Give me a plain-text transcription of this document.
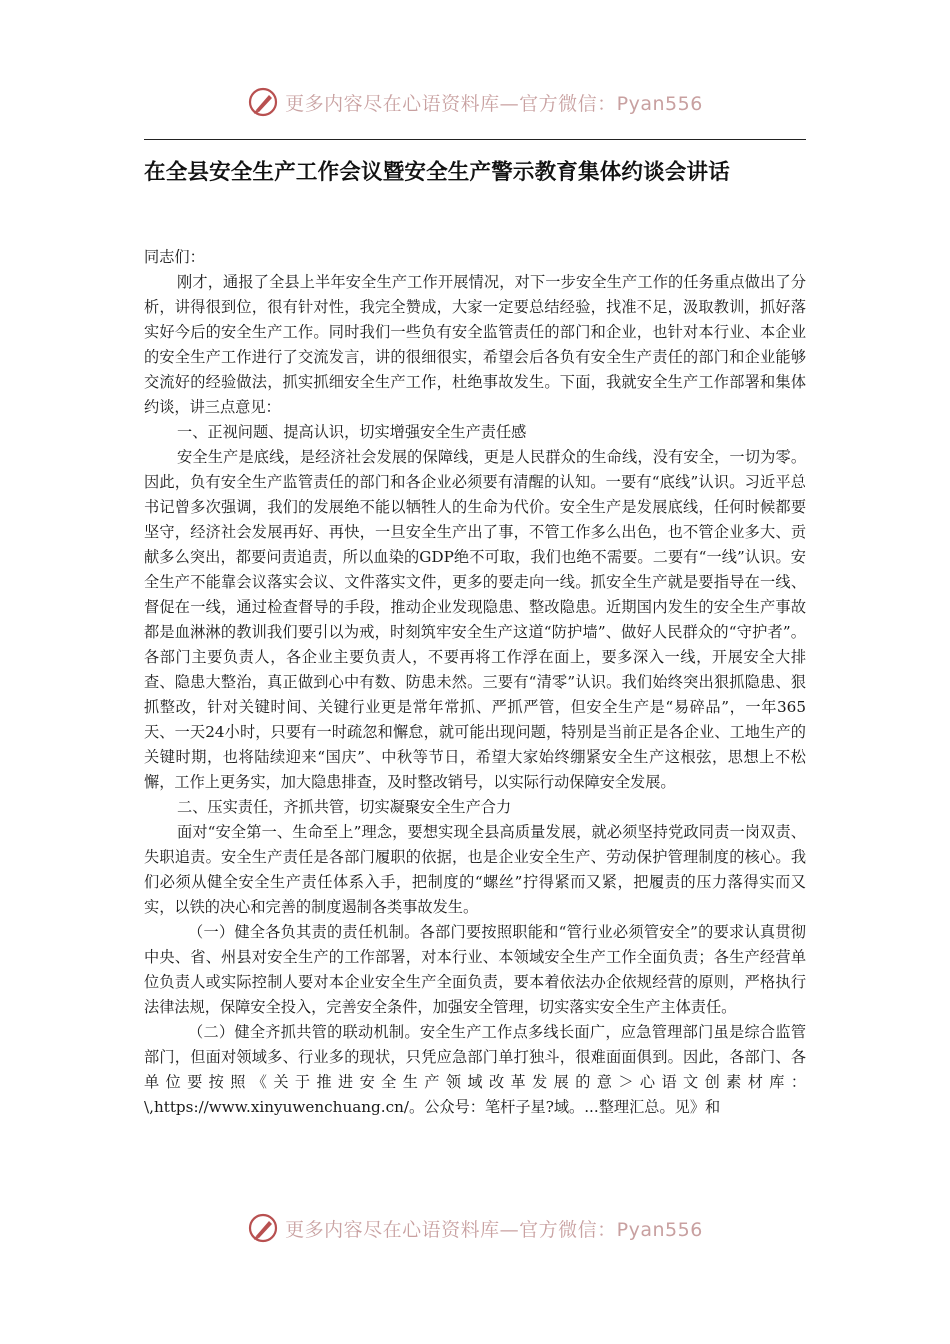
更多内容尽在心语资料库—官方微信：Pyan556
在全县安全生产工作会议暨安全生产警示教育集体约谈会讲话

同志们：

刚才，通报了全县上半年安全生产工作开展情况，对下一步安全生产工作的任务重点做出了分析，讲得很到位，很有针对性，我完全赞成，大家一定要总结经验，找准不足，汲取教训，抓好落实好今后的安全生产工作。同时我们一些负有安全监管责任的部门和企业，也针对本行业、本企业的安全生产工作进行了交流发言，讲的很细很实，希望会后各负有安全生产责任的部门和企业能够交流好的经验做法，抓实抓细安全生产工作，杜绝事故发生。下面，我就安全生产工作部署和集体约谈，讲三点意见：

一、正视问题、提高认识，切实增强安全生产责任感

安全生产是底线，是经济社会发展的保障线，更是人民群众的生命线，没有安全，一切为零。因此，负有安全生产监管责任的部门和各企业必须要有清醒的认知。一要有“底线”认识。习近平总书记曾多次强调，我们的发展绝不能以牺牲人的生命为代价。安全生产是发展底线，任何时候都要坚守，经济社会发展再好、再快，一旦安全生产出了事，不管工作多么出色，也不管企业多大、贡献多么突出，都要问责追责，所以血染的GDP绝不可取，我们也绝不需要。二要有“一线”认识。安全生产不能靠会议落实会议、文件落实文件，更多的要走向一线。抓安全生产就是要指导在一线、督促在一线，通过检查督导的手段，推动企业发现隐患、整改隐患。近期国内发生的安全生产事故都是血淋淋的教训我们要引以为戒，时刻筑牢安全生产这道“防护墙”、做好人民群众的“守护者”。各部门主要负责人，各企业主要负责人，不要再将工作浮在面上，要多深入一线，开展安全大排查、隐患大整治，真正做到心中有数、防患未然。三要有“清零”认识。我们始终突出狠抓隐患、狠抓整改，针对关键时间、关键行业更是常年常抓、严抓严管，但安全生产是“易碎品”，一年365天、一天24小时，只要有一时疏忽和懈怠，就可能出现问题，特别是当前正是各企业、工地生产的关键时期，也将陆续迎来“国庆”、中秋等节日，希望大家始终绷紧安全生产这根弦，思想上不松懈，工作上更务实，加大隐患排查，及时整改销号，以实际行动保障安全发展。

二、压实责任，齐抓共管，切实凝聚安全生产合力

面对“安全第一、生命至上”理念，要想实现全县高质量发展，就必须坚持党政同责一岗双责、失职追责。安全生产责任是各部门履职的依据，也是企业安全生产、劳动保护管理制度的核心。我们必须从健全安全生产责任体系入手，把制度的“螺丝”拧得紧而又紧，把履责的压力落得实而又实，以铁的决心和完善的制度遏制各类事故发生。

（一）健全各负其责的责任机制。各部门要按照职能和“管行业必须管安全”的要求认真贯彻中央、省、州县对安全生产的工作部署，对本行业、本领域安全生产工作全面负责；各生产经营单位负责人或实际控制人要对本企业安全生产全面负责，要本着依法办企依规经营的原则，严格执行法律法规，保障安全投入，完善安全条件，加强安全管理，切实落实安全生产主体责任。

（二）健全齐抓共管的联动机制。安全生产工作点多线长面广，应急管理部门虽是综合监管部门，但面对领域多、行业多的现状，只凭应急部门单打独斗，很难面面俱到。因此，各部门、各单位要按照《关于推进安全生产领域改革发展的意＞心语文创素材库：\,https://www.xinyuwenchuang.cn/。公众号：笔杆子星?域。...整理汇总。见》和

更多内容尽在心语资料库—官方微信：Pyan556
